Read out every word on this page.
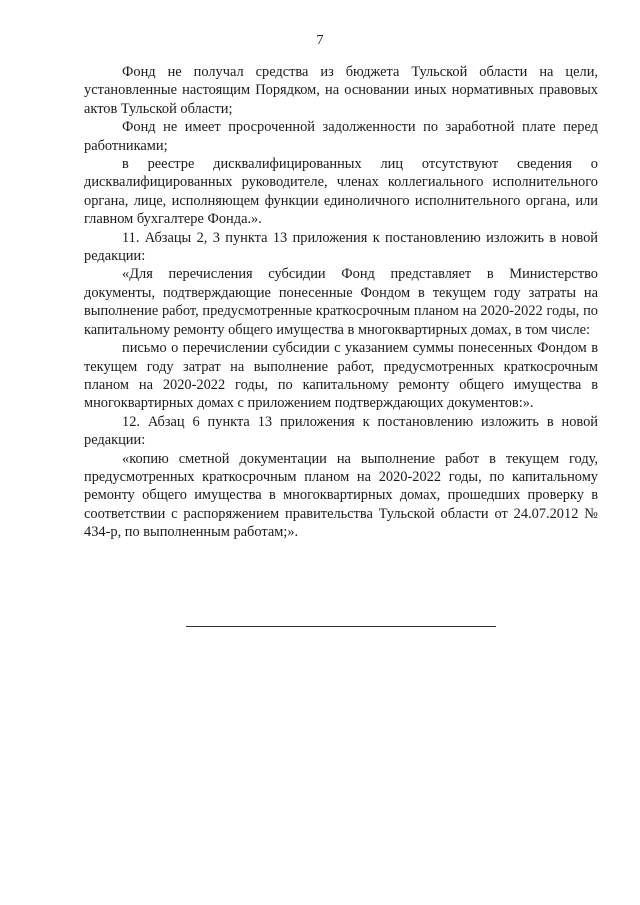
7

Фонд не получал средства из бюджета Тульской области на цели, установленные настоящим Порядком, на основании иных нормативных правовых актов Тульской области;

Фонд не имеет просроченной задолженности по заработной плате перед работниками;

в реестре дисквалифицированных лиц отсутствуют сведения о дисквалифицированных руководителе, членах коллегиального исполнительного органа, лице, исполняющем функции единоличного исполнительного органа, или главном бухгалтере Фонда.».

11. Абзацы 2, 3 пункта 13 приложения к постановлению изложить в новой редакции:

«Для перечисления субсидии Фонд представляет в Министерство документы, подтверждающие понесенные Фондом в текущем году затраты на выполнение работ, предусмотренные краткосрочным планом на 2020-2022 годы, по капитальному ремонту общего имущества в многоквартирных домах, в том числе:

письмо о перечислении субсидии с указанием суммы понесенных Фондом в текущем году затрат на выполнение работ, предусмотренных краткосрочным планом на 2020-2022 годы, по капитальному ремонту общего имущества в многоквартирных домах с приложением подтверждающих документов:».

12. Абзац 6 пункта 13 приложения к постановлению изложить в новой редакции:

«копию сметной документации на выполнение работ в текущем году, предусмотренных краткосрочным планом на 2020-2022 годы, по капитальному ремонту общего имущества в многоквартирных домах, прошедших проверку в соответствии с распоряжением правительства Тульской области от 24.07.2012 № 434-р, по выполненным работам;».
